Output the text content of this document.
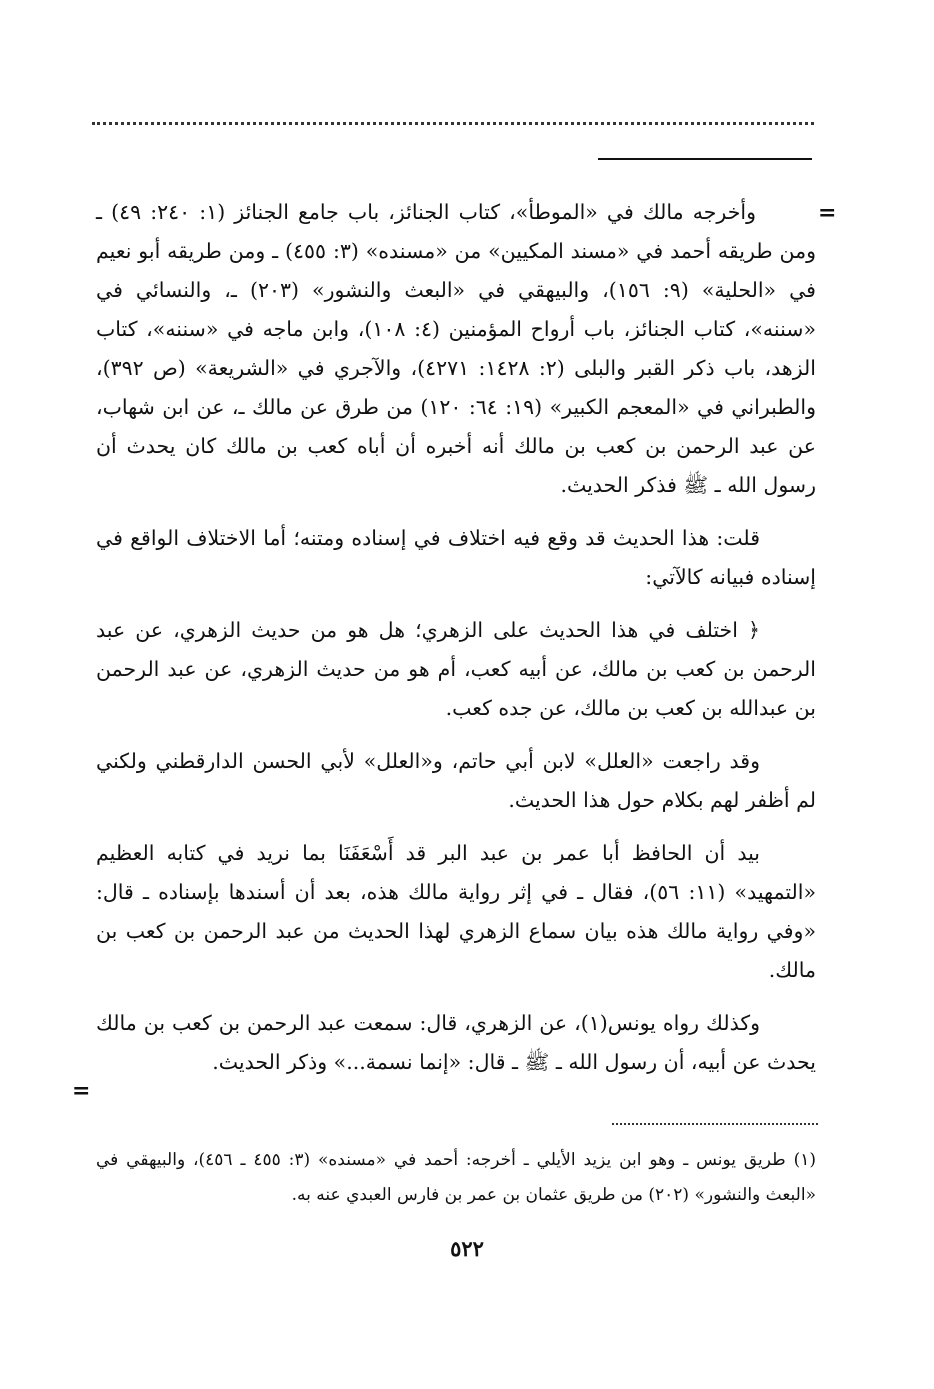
=

وأخرجه مالك في «الموطأ»، كتاب الجنائز، باب جامع الجنائز (١: ٢٤٠: ٤٩) ـ ومن طريقه أحمد في «مسند المكيين» من «مسنده» (٣: ٤٥٥) ـ ومن طريقه أبو نعيم في «الحلية» (٩: ١٥٦)، والبيهقي في «البعث والنشور» (٢٠٣) ـ، والنسائي في «سننه»، كتاب الجنائز، باب أرواح المؤمنين (٤: ١٠٨)، وابن ماجه في «سننه»، كتاب الزهد، باب ذكر القبر والبلى (٢: ١٤٢٨: ٤٢٧١)، والآجري في «الشريعة» (ص ٣٩٢)، والطبراني في «المعجم الكبير» (١٩: ٦٤: ١٢٠) من طرق عن مالك ـ، عن ابن شهاب، عن عبد الرحمن بن كعب بن مالك أنه أخبره أن أباه كعب بن مالك كان يحدث أن رسول الله ـ ﷺ فذكر الحديث.

قلت: هذا الحديث قد وقع فيه اختلاف في إسناده ومتنه؛ أما الاختلاف الواقع في إسناده فبيانه كالآتي:

﴿ اختلف في هذا الحديث على الزهري؛ هل هو من حديث الزهري، عن عبد الرحمن بن كعب بن مالك، عن أبيه كعب، أم هو من حديث الزهري، عن عبد الرحمن بن عبدالله بن كعب بن مالك، عن جده كعب.

وقد راجعت «العلل» لابن أبي حاتم، و«العلل» لأبي الحسن الدارقطني ولكني لم أظفر لهم بكلام حول هذا الحديث.

بيد أن الحافظ أبا عمر بن عبد البر قد أَسْعَفَنَا بما نريد في كتابه العظيم «التمهيد» (١١: ٥٦)، فقال ـ في إثر رواية مالك هذه، بعد أن أسندها بإسناده ـ قال: «وفي رواية مالك هذه بيان سماع الزهري لهذا الحديث من عبد الرحمن بن كعب بن مالك.

وكذلك رواه يونس(١)، عن الزهري، قال: سمعت عبد الرحمن بن كعب بن مالك يحدث عن أبيه، أن رسول الله ـ ﷺ ـ قال: «إنما نسمة...» وذكر الحديث.

=

(١) طريق يونس ـ وهو ابن يزيد الأيلي ـ أخرجه: أحمد في «مسنده» (٣: ٤٥٥ ـ ٤٥٦)، والبيهقي في «البعث والنشور» (٢٠٢) من طريق عثمان بن عمر بن فارس العبدي عنه به.

٥٢٢
